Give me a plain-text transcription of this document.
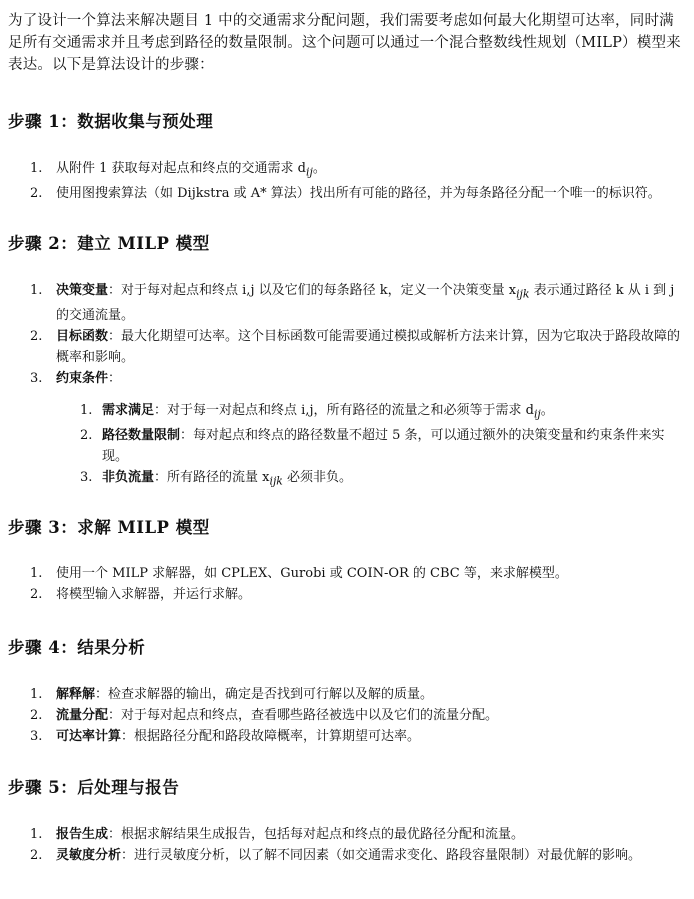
为了设计一个算法来解决题目 1 中的交通需求分配问题，我们需要考虑如何最大化期望可达率，同时满足所有交通需求并且考虑到路径的数量限制。这个问题可以通过一个混合整数线性规划（MILP）模型来表达。以下是算法设计的步骤：
步骤 1：数据收集与预处理
1. 从附件 1 获取每对起点和终点的交通需求 $d_{ij}$。
2. 使用图搜索算法（如 Dijkstra 或 A* 算法）找出所有可能的路径，并为每条路径分配一个唯一的标识符。
步骤 2：建立 MILP 模型
1. 决策变量：对于每对起点和终点 i,j 以及它们的每条路径 k，定义一个决策变量 $x_{ijk}$ 表示通过路径 k 从 i 到 j 的交通流量。
2. 目标函数：最大化期望可达率。这个目标函数可能需要通过模拟或解析方法来计算，因为它取决于路段故障的概率和影响。
3. 约束条件：
1. 需求满足：对于每一对起点和终点 i,j，所有路径的流量之和必须等于需求 $d_{ij}$。
2. 路径数量限制：每对起点和终点的路径数量不超过 5 条，可以通过额外的决策变量和约束条件来实现。
3. 非负流量：所有路径的流量 $x_{ijk}$ 必须非负。
步骤 3：求解 MILP 模型
1. 使用一个 MILP 求解器，如 CPLEX、Gurobi 或 COIN-OR 的 CBC 等，来求解模型。
2. 将模型输入求解器，并运行求解。
步骤 4：结果分析
1. 解释解：检查求解器的输出，确定是否找到可行解以及解的质量。
2. 流量分配：对于每对起点和终点，查看哪些路径被选中以及它们的流量分配。
3. 可达率计算：根据路径分配和路段故障概率，计算期望可达率。
步骤 5：后处理与报告
1. 报告生成：根据求解结果生成报告，包括每对起点和终点的最优路径分配和流量。
2. 灵敏度分析：进行灵敏度分析，以了解不同因素（如交通需求变化、路段容量限制）对最优解的影响。
